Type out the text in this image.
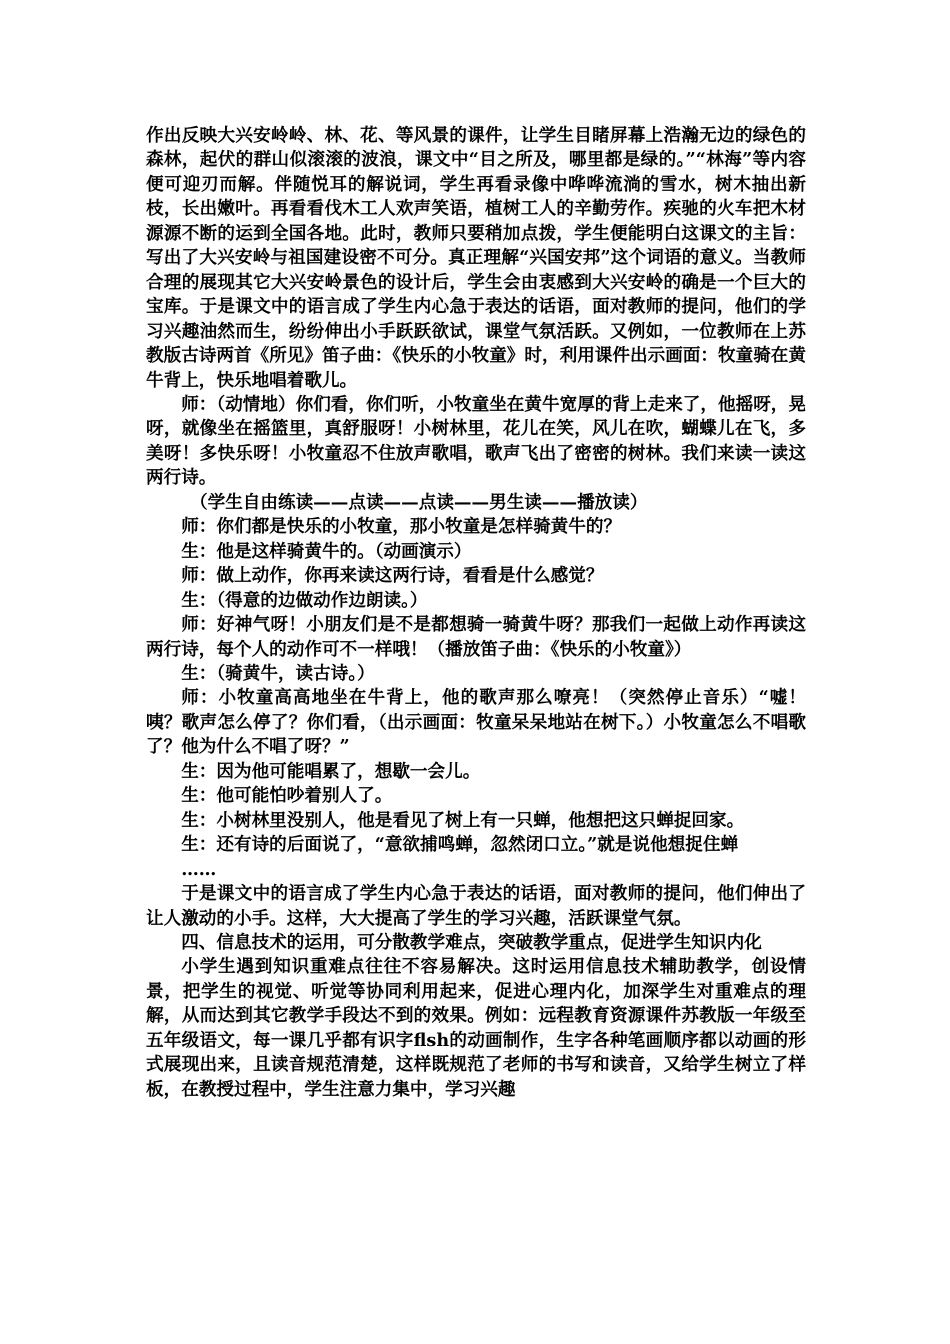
作出反映大兴安岭岭、林、花、等风景的课件，让学生目睹屏幕上浩瀚无边的绿色的森林，起伏的群山似滚滚的波浪，课文中“目之所及，哪里都是绿的。”“林海”等内容便可迎刃而解。伴随悦耳的解说词，学生再看录像中哗哗流淌的雪水，树木抽出新枝，长出嫩叶。再看看伐木工人欢声笑语，植树工人的辛勤劳作。疾驰的火车把木材源源不断的运到全国各地。此时，教师只要稍加点拨，学生便能明白这课文的主旨：写出了大兴安岭与祖国建设密不可分。真正理解“兴国安邦”这个词语的意义。当教师合理的展现其它大兴安岭景色的设计后，学生会由衷感到大兴安岭的确是一个巨大的宝库。于是课文中的语言成了学生内心急于表达的话语，面对教师的提问，他们的学习兴趣油然而生，纷纷伸出小手跃跃欲试，课堂气氛活跃。又例如，一位教师在上苏教版古诗两首《所见》笛子曲：《快乐的小牧童》时，利用课件出示画面：牧童骑在黄牛背上，快乐地唱着歌儿。

师：（动情地）你们看，你们听，小牧童坐在黄牛宽厚的背上走来了，他摇呀，晃呀，就像坐在摇篮里，真舒服呀！小树林里，花儿在笑，风儿在吹，蝴蝶儿在飞，多美呀！多快乐呀！小牧童忍不住放声歌唱，歌声飞出了密密的树林。我们来读一读这两行诗。

（学生自由练读——点读——点读——男生读——播放读）

师：你们都是快乐的小牧童，那小牧童是怎样骑黄牛的？

生：他是这样骑黄牛的。（动画演示）

师：做上动作，你再来读这两行诗，看看是什么感觉？

生：（得意的边做动作边朗读。）

师：好神气呀！小朋友们是不是都想骑一骑黄牛呀？那我们一起做上动作再读这两行诗，每个人的动作可不一样哦！（播放笛子曲：《快乐的小牧童》）

生：（骑黄牛，读古诗。）

师：小牧童高高地坐在牛背上，他的歌声那么嘹亮！（突然停止音乐）“嘘！咦？歌声怎么停了？你们看，（出示画面：牧童呆呆地站在树下。）小牧童怎么不唱歌了？他为什么不唱了呀？”

生：因为他可能唱累了，想歇一会儿。

生：他可能怕吵着别人了。

生：小树林里没别人，他是看见了树上有一只蝉，他想把这只蝉捉回家。

生：还有诗的后面说了，“意欲捕鸣蝉，忽然闭口立。”就是说他想捉住蝉

……

于是课文中的语言成了学生内心急于表达的话语，面对教师的提问，他们伸出了让人激动的小手。这样，大大提高了学生的学习兴趣，活跃课堂气氛。

四、信息技术的运用，可分散教学难点，突破教学重点，促进学生知识内化

小学生遇到知识重难点往往不容易解决。这时运用信息技术辅助教学，创设情景，把学生的视觉、听觉等协同利用起来，促进心理内化，加深学生对重难点的理解，从而达到其它教学手段达不到的效果。例如：远程教育资源课件苏教版一年级至五年级语文，每一课几乎都有识字flsh的动画制作，生字各种笔画顺序都以动画的形式展现出来，且读音规范清楚，这样既规范了老师的书写和读音，又给学生树立了样板，在教授过程中，学生注意力集中，学习兴趣
